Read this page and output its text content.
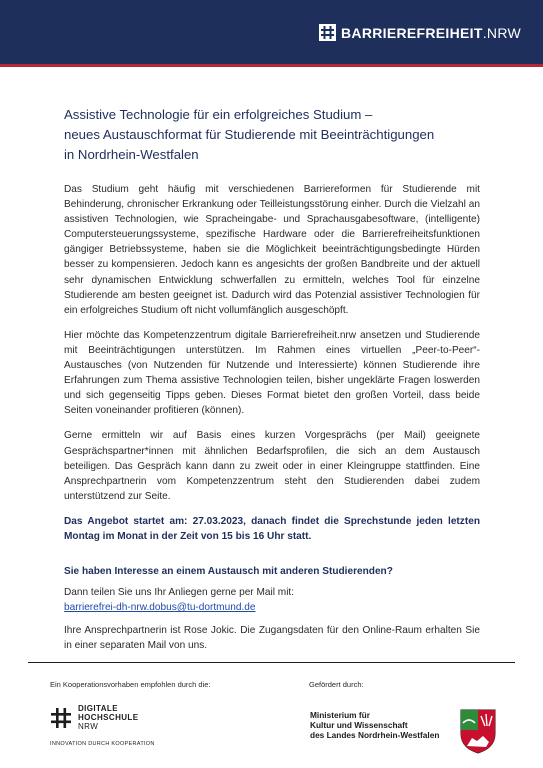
BARRIEREFREIHEIT.NRW
Assistive Technologie für ein erfolgreiches Studium –
neues Austauschformat für Studierende mit Beeinträchtigungen
in Nordrhein-Westfalen

Das Studium geht häufig mit verschiedenen Barriereformen für Studierende mit Behinderung, chronischer Erkrankung oder Teilleistungsstörung einher. Durch die Vielzahl an assistiven Technologien, wie Spracheingabe- und Sprachausgabesoftware, (intelligente) Computersteuerungssysteme, spezifische Hardware oder die Barrierefreiheitsfunktionen gängiger Betriebssysteme, haben sie die Möglichkeit beeinträchtigungsbedingte Hürden besser zu kompensieren. Jedoch kann es angesichts der großen Bandbreite und der aktuell sehr dynamischen Entwicklung schwerfallen zu ermitteln, welches Tool für einzelne Studierende am besten geeignet ist. Dadurch wird das Potenzial assistiver Technologien für ein erfolgreiches Studium oft nicht vollumfänglich ausgeschöpft.

Hier möchte das Kompetenzzentrum digitale Barrierefreiheit.nrw ansetzen und Studierende mit Beeinträchtigungen unterstützen. Im Rahmen eines virtuellen „Peer-to-Peer“-Austausches (von Nutzenden für Nutzende und Interessierte) können Studierende ihre Erfahrungen zum Thema assistive Technologien teilen, bisher ungeklärte Fragen loswerden und sich gegenseitig Tipps geben. Dieses Format bietet den großen Vorteil, dass beide Seiten voneinander profitieren (können).

Gerne ermitteln wir auf Basis eines kurzen Vorgesprächs (per Mail) geeignete Gesprächspartner*innen mit ähnlichen Bedarfsprofilen, die sich an dem Austausch beteiligen. Das Gespräch kann dann zu zweit oder in einer Kleingruppe stattfinden. Eine Ansprechpartnerin vom Kompetenzzentrum steht den Studierenden dabei zudem unterstützend zur Seite.

Das Angebot startet am: 27.03.2023, danach findet die Sprechstunde jeden letzten Montag im Monat in der Zeit von 15 bis 16 Uhr statt.

Sie haben Interesse an einem Austausch mit anderen Studierenden?

Dann teilen Sie uns Ihr Anliegen gerne per Mail mit:
barrierefrei-dh-nrw.dobus@tu-dortmund.de

Ihre Ansprechpartnerin ist Rose Jokic. Die Zugangsdaten für den Online-Raum erhalten Sie in einer separaten Mail von uns.

Ein Kooperationsvorhaben empfohlen durch die:	Gefördert durch:
DIGITALE
HOCHSCHULE
NRW
INNOVATION DURCH KOOPERATION
Ministerium für
Kultur und Wissenschaft
des Landes Nordrhein-Westfalen
